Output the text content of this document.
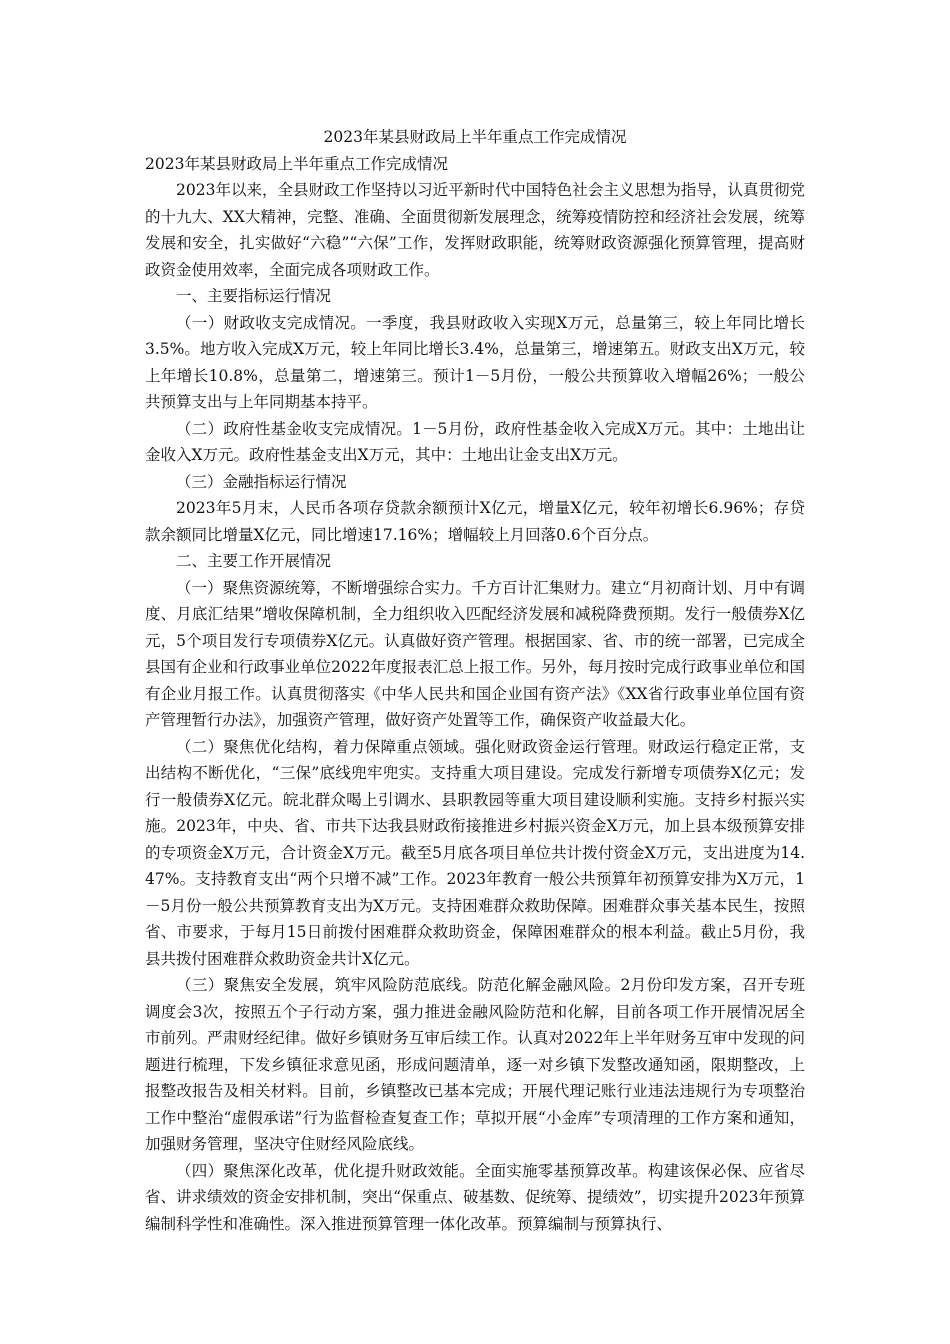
2023年某县财政局上半年重点工作完成情况

2023年某县财政局上半年重点工作完成情况

2023年以来，全县财政工作坚持以习近平新时代中国特色社会主义思想为指导，认真贯彻党的十九大、XX大精神，完整、准确、全面贯彻新发展理念，统筹疫情防控和经济社会发展，统筹发展和安全，扎实做好“六稳”“六保”工作，发挥财政职能，统筹财政资源强化预算管理，提高财政资金使用效率，全面完成各项财政工作。

一、主要指标运行情况

（一）财政收支完成情况。一季度，我县财政收入实现X万元，总量第三，较上年同比增长3.5%。地方收入完成X万元，较上年同比增长3.4%，总量第三，增速第五。财政支出X万元，较上年增长10.8%，总量第二，增速第三。预计1－5月份，一般公共预算收入增幅26%；一般公共预算支出与上年同期基本持平。

（二）政府性基金收支完成情况。1－5月份，政府性基金收入完成X万元。其中：土地出让金收入X万元。政府性基金支出X万元，其中：土地出让金支出X万元。

（三）金融指标运行情况

2023年5月末，人民币各项存贷款余额预计X亿元，增量X亿元，较年初增长6.96%；存贷款余额同比增量X亿元，同比增速17.16%；增幅较上月回落0.6个百分点。

二、主要工作开展情况

（一）聚焦资源统筹，不断增强综合实力。千方百计汇集财力。建立“月初商计划、月中有调度、月底汇结果”增收保障机制，全力组织收入匹配经济发展和减税降费预期。发行一般债券X亿元，5个项目发行专项债券X亿元。认真做好资产管理。根据国家、省、市的统一部署，已完成全县国有企业和行政事业单位2022年度报表汇总上报工作。另外，每月按时完成行政事业单位和国有企业月报工作。认真贯彻落实《中华人民共和国企业国有资产法》《XX省行政事业单位国有资产管理暂行办法》，加强资产管理，做好资产处置等工作，确保资产收益最大化。

（二）聚焦优化结构，着力保障重点领域。强化财政资金运行管理。财政运行稳定正常，支出结构不断优化，“三保”底线兜牢兜实。支持重大项目建设。完成发行新增专项债券X亿元；发行一般债券X亿元。皖北群众喝上引调水、县职教园等重大项目建设顺利实施。支持乡村振兴实施。2023年，中央、省、市共下达我县财政衔接推进乡村振兴资金X万元，加上县本级预算安排的专项资金X万元，合计资金X万元。截至5月底各项目单位共计拨付资金X万元，支出进度为14.47%。支持教育支出“两个只增不减”工作。2023年教育一般公共预算年初预算安排为X万元，1－5月份一般公共预算教育支出为X万元。支持困难群众救助保障。困难群众事关基本民生，按照省、市要求，于每月15日前拨付困难群众救助资金，保障困难群众的根本利益。截止5月份，我县共拨付困难群众救助资金共计X亿元。

（三）聚焦安全发展，筑牢风险防范底线。防范化解金融风险。2月份印发方案，召开专班调度会3次，按照五个子行动方案，强力推进金融风险防范和化解，目前各项工作开展情况居全市前列。严肃财经纪律。做好乡镇财务互审后续工作。认真对2022年上半年财务互审中发现的问题进行梳理，下发乡镇征求意见函，形成问题清单，逐一对乡镇下发整改通知函，限期整改，上报整改报告及相关材料。目前，乡镇整改已基本完成；开展代理记账行业违法违规行为专项整治工作中整治“虚假承诺”行为监督检查复查工作；草拟开展“小金库”专项清理的工作方案和通知，加强财务管理，坚决守住财经风险底线。

（四）聚焦深化改革，优化提升财政效能。全面实施零基预算改革。构建该保必保、应省尽省、讲求绩效的资金安排机制，突出“保重点、破基数、促统筹、提绩效”，切实提升2023年预算编制科学性和准确性。深入推进预算管理一体化改革。预算编制与预算执行、
